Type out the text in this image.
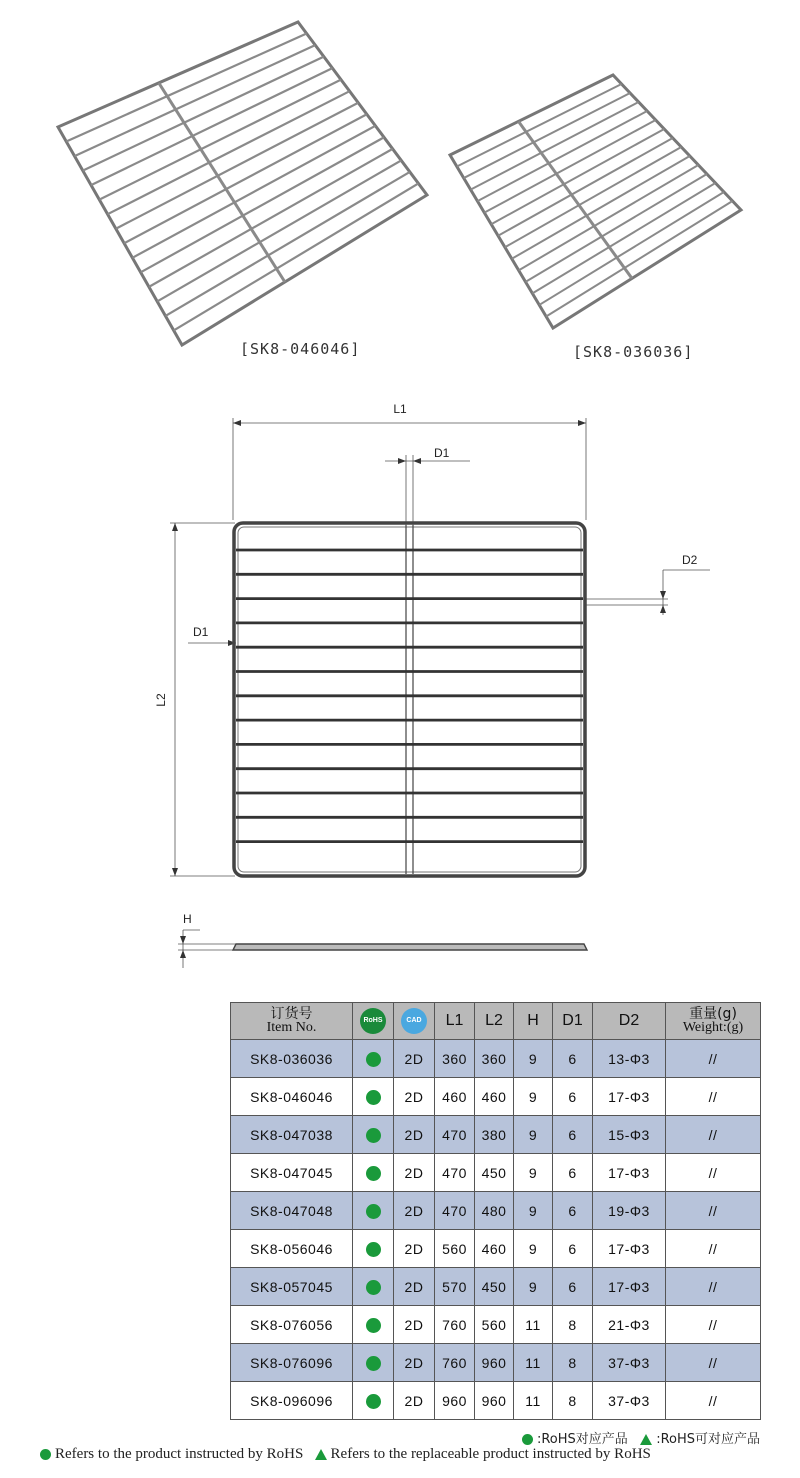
[SK8-046046]	[SK8-036036]
L1
D1
D1
D2
H
L2
订货号
Item No.	RoHS	CAD	L1	L2	H	D1	D2	重量(g)
Weight:(g)

SK8-036036		2D	360	360	9	6	13-Φ3	//
SK8-046046		2D	460	460	9	6	17-Φ3	//
SK8-047038		2D	470	380	9	6	15-Φ3	//
SK8-047045		2D	470	450	9	6	17-Φ3	//
SK8-047048		2D	470	480	9	6	19-Φ3	//
SK8-056046		2D	560	460	9	6	17-Φ3	//
SK8-057045		2D	570	450	9	6	17-Φ3	//
SK8-076056		2D	760	560	11	8	21-Φ3	//
SK8-076096		2D	760	960	11	8	37-Φ3	//
SK8-096096		2D	960	960	11	8	37-Φ3	//
:RoHS对应产品 :RoHS可对应产品
Refers to the product instructed by RoHS Refers to the replaceable product instructed by RoHS
